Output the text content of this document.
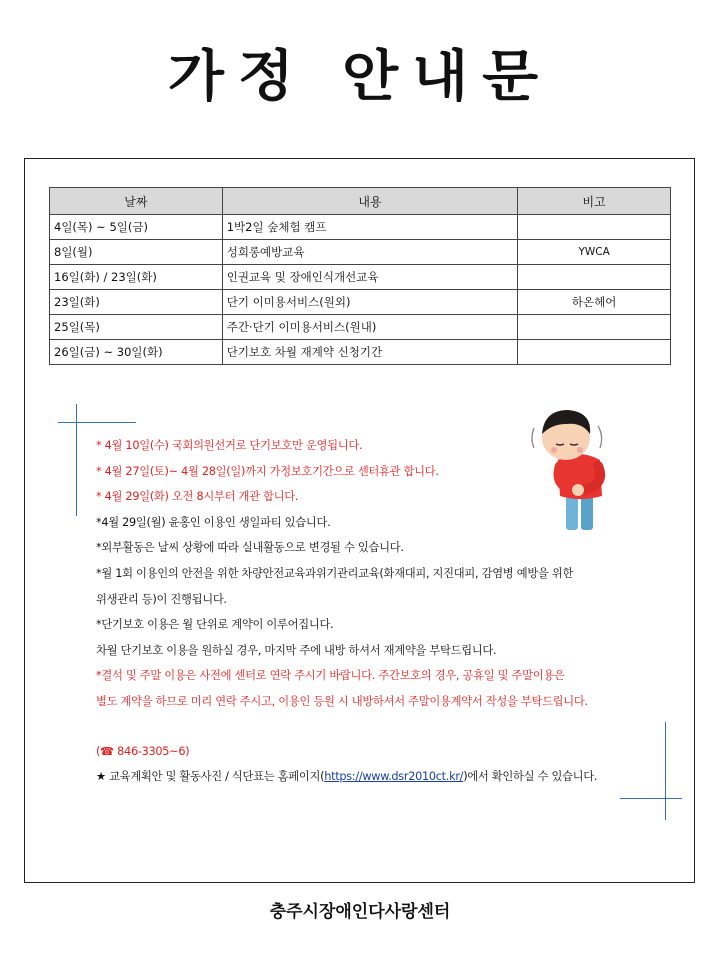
가정 안내문
날짜	내용	비고
4일(목) ~ 5일(금)	1박2일 숲체험 캠프	
8일(월)	성희롱예방교육	YWCA
16일(화) / 23일(화)	인권교육 및 장애인식개선교육	
23일(화)	단기 이미용서비스(원외)	하온헤어
25일(목)	주간·단기 이미용서비스(원내)	
26일(금) ~ 30일(화)	단기보호 차월 재계약 신청기간	
* 4월 10일(수) 국회의원선거로 단기보호만 운영됩니다.
* 4월 27일(토)~ 4월 28일(일)까지 가정보호기간으로 센터휴관 합니다.
* 4월 29일(화) 오전 8시부터 개관 합니다.
*4월 29일(월) 윤홍인 이용인 생일파티 있습니다.
*외부활동은 날씨 상황에 따라 실내활동으로 변경될 수 있습니다.
*월 1회 이용인의 안전을 위한 차량안전교육과위기관리교육(화재대피, 지진대피, 감염병 예방을 위한
위생관리 등)이 진행됩니다.
*단기보호 이용은 월 단위로 계약이 이루어집니다.
차월 단기보호 이용을 원하실 경우, 마지막 주에 내방 하셔서 재계약을 부탁드립니다.
*결석 및 주말 이용은 사전에 센터로 연락 주시기 바랍니다. 주간보호의 경우, 공휴일 및 주말이용은
별도 계약을 하므로 미리 연락 주시고, 이용인 등원 시 내방하셔서 주말이용계약서 작성을 부탁드립니다.
(☎ 846-3305~6)
★ 교육계획안 및 활동사진 / 식단표는 홈페이지(https://www.dsr2010ct.kr/)에서 확인하실 수 있습니다.
충주시장애인다사랑센터
